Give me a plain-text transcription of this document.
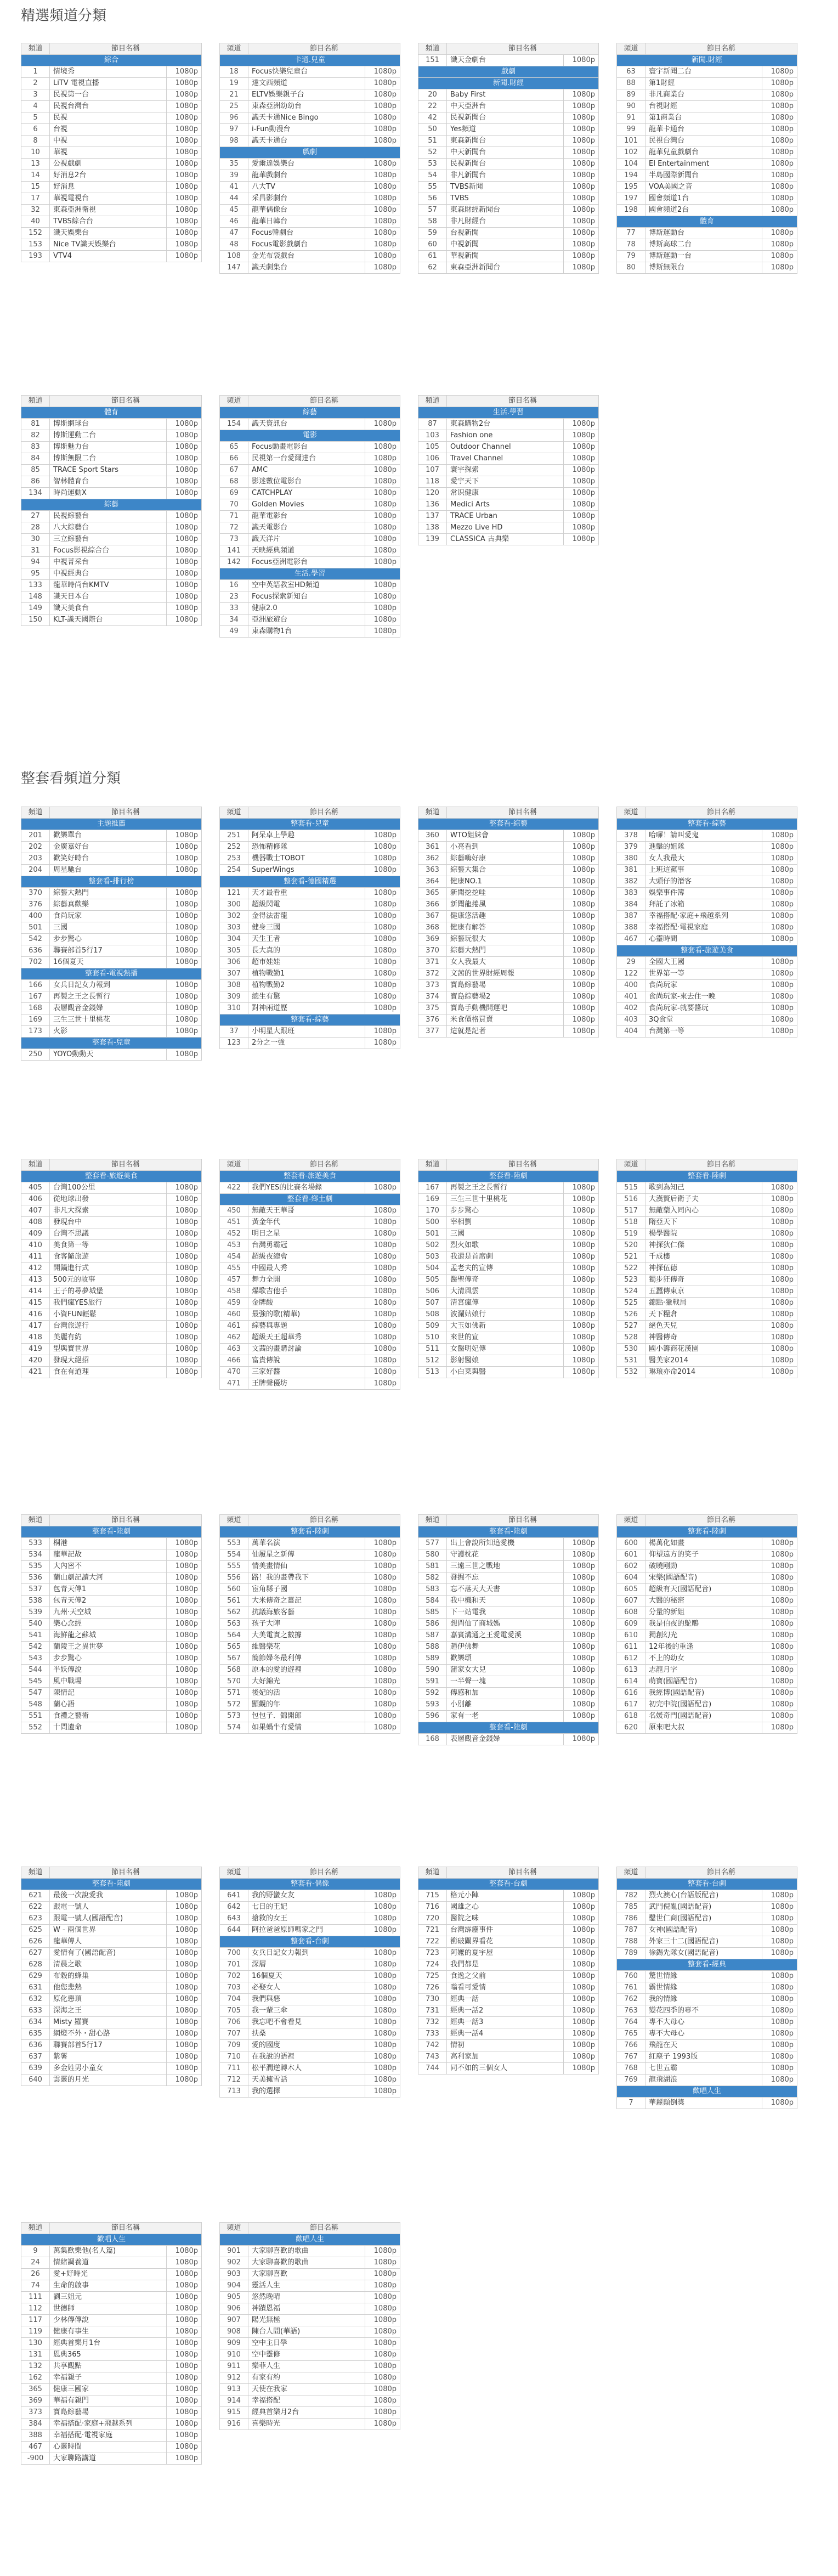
精選頻道分類
頻道	節目名稱	
綜合		
1	情境秀	1080p
2	LiTV 電視直播	1080p
3	民視第一台	1080p
4	民視台灣台	1080p
5	民視	1080p
6	台視	1080p
8	中視	1080p
10	華視	1080p
13	公視戲劇	1080p
14	好消息2台	1080p
15	好消息	1080p
17	華視電視台	1080p
32	東森亞洲衛視	1080p
40	TVBS綜合台	1080p
152	識天娛樂台	1080p
153	Nice TV識天娛樂台	1080p
193	VTV4	1080p
頻道	節目名稱	
卡通.兒童		
18	Focus快樂兒童台	1080p
19	達文西頻道	1080p
21	ELTV娛樂親子台	1080p
25	東森亞洲幼幼台	1080p
96	識天卡通Nice Bingo	1080p
97	i-Fun動漫台	1080p
98	識天卡通台	1080p
戲劇		
35	愛爾達娛樂台	1080p
39	龍華戲劇台	1080p
41	八大TV	1080p
44	采昌影劇台	1080p
45	龍華偶像台	1080p
46	龍華日韓台	1080p
47	Focus韓劇台	1080p
48	Focus電影戲劇台	1080p
108	金光布袋戲台	1080p
147	識天劇集台	1080p
頻道	節目名稱	
151	識天金劇台	1080p
戲劇		
新聞.財經		
20	Baby First	1080p
22	中天亞洲台	1080p
42	民視新聞台	1080p
50	Yes頻道	1080p
51	東森新聞台	1080p
52	中天新聞台	1080p
53	民視新聞台	1080p
54	非凡新聞台	1080p
55	TVBS新聞	1080p
56	TVBS	1080p
57	東森財經新聞台	1080p
58	非凡財經台	1080p
59	台視新聞	1080p
60	中視新聞	1080p
61	華視新聞	1080p
62	東森亞洲新聞台	1080p
頻道	節目名稱	
新聞.財經		
63	寰宇新聞二台	1080p
88	第1財經	1080p
89	非凡商業台	1080p
90	台視財經	1080p
91	第1商業台	1080p
99	龍華卡通台	1080p
101	民視台灣台	1080p
102	龍華兒童戲劇台	1080p
104	EI Entertainment	1080p
194	半島國際新聞台	1080p
195	VOA美國之音	1080p
197	國會頻道1台	1080p
198	國會頻道2台	1080p
體育		
77	博斯運動台	1080p
78	博斯高球二台	1080p
79	博斯運動一台	1080p
80	博斯無限台	1080p
頻道	節目名稱	
體育		
81	博斯網球台	1080p
82	博斯運動二台	1080p
83	博斯魅力台	1080p
84	博斯無限二台	1080p
85	TRACE Sport Stars	1080p
86	智林體育台	1080p
134	時尚運動X	1080p
綜藝		
27	民視綜藝台	1080p
28	八大綜藝台	1080p
30	三立綜藝台	1080p
31	Focus影視綜合台	1080p
94	中視菁采台	1080p
95	中視經典台	1080p
133	龍華時尚台KMTV	1080p
148	識天日本台	1080p
149	識天美食台	1080p
150	KLT-識天國際台	1080p
頻道	節目名稱	
綜藝		
154	識天資訊台	1080p
電影		
65	Focus動畫電影台	1080p
66	民視第一台愛爾達台	1080p
67	AMC	1080p
68	影迷數位電影台	1080p
69	CATCHPLAY	1080p
70	Golden Movies	1080p
71	龍華電影台	1080p
72	識天電影台	1080p
73	識天洋片	1080p
141	天映經典頻道	1080p
142	Focus亞洲電影台	1080p
生活.學習		
16	空中英語教室HD頻道	1080p
23	Focus探索新知台	1080p
33	健康2.0	1080p
34	亞洲旅遊台	1080p
49	東森購物1台	1080p
頻道	節目名稱	
生活.學習		
87	東森購物2台	1080p
103	Fashion one	1080p
105	Outdoor Channel	1080p
106	Travel Channel	1080p
107	寰宇探索	1080p
118	愛宇天下	1080p
120	常识健康	1080p
136	Medici Arts	1080p
137	TRACE Urban	1080p
138	Mezzo Live HD	1080p
139	CLASSICA 古典樂	1080p
整套看頻道分類
頻道	節目名稱	
主題推薦		
201	歡樂單台	1080p
202	金廣嘉好台	1080p
203	歡笑好時台	1080p
204	周星馳台	1080p
整套看-排行榜		
370	綜藝大熱門	1080p
376	綜藝真歡樂	1080p
400	食尚玩家	1080p
501	三國	1080p
542	步步驚心	1080p
636	聯賽部首5行17	1080p
702	16個夏天	1080p
整套看-電視熱播		
166	女兵日記女力報到	1080p
167	再製之王之長暫行	1080p
168	表層觀音金錢婦	1080p
169	三生三世十里桃花	1080p
173	火影	1080p
整套看-兒童		
250	YOYO動動天	1080p
頻道	節目名稱	
整套看-兒童		
251	阿呆卓上學趣	1080p
252	恐怖精修隊	1080p
253	機器戰士TOBOT	1080p
254	SuperWings	1080p
整套看-德國精選		
121	天才最看重	1080p
300	超級閃電	1080p
302	金得法雷龍	1080p
303	健身三國	1080p
304	天生王者	1080p
305	長大真的	1080p
306	超市娃娃	1080p
307	植物戰勤1	1080p
308	植物戰勤2	1080p
309	總生有驚	1080p
310	對神兩道歷	1080p
整套看-綜藝		
37	小明星大跟班	1080p
123	2分之一強	1080p
頻道	節目名稱	
整套看-綜藝		
360	WTO姐妹會	1080p
361	小亮看到	1080p
362	綜藝嗨好康	1080p
363	綜藝大集合	1080p
364	健康NO.1	1080p
365	新聞挖挖哇	1080p
366	新聞龍捲風	1080p
367	健康悠活趣	1080p
368	健康有解答	1080p
369	綜藝玩很大	1080p
370	綜藝大熱門	1080p
371	女人我最大	1080p
372	文茜的世界財經周報	1080p
373	寶島綜藝場	1080p
374	寶島綜藝場2	1080p
375	寶島手動機開運吧	1080p
376	米食價格買賣	1080p
377	這就是記者	1080p
頻道	節目名稱	
整套看-綜藝		
378	哈囉！請叫愛鬼	1080p
379	進擊的姐隊	1080p
380	女人我最大	1080p
381	上班這黨事	1080p
382	大頭仔的潛客	1080p
383	娛樂事件簿	1080p
384	拜託了冰箱	1080p
387	幸福搭配‧家庭+飛越系列	1080p
388	幸福搭配‧電視家庭	1080p
467	心靈時間	1080p
整套看-旅遊美食		
29	全國大王國	1080p
122	世界第一等	1080p
400	食尚玩家	1080p
401	食尚玩家-來去住一晚	1080p
402	食尚玩家-就要醬玩	1080p
403	3Q食堂	1080p
404	台灣第一等	1080p
頻道	節目名稱	
整套看-旅遊美食		
405	台灣100公里	1080p
406	從地球出發	1080p
407	非凡大探索	1080p
408	發現台中	1080p
409	台灣不思議	1080p
410	美食第一等	1080p
411	食客隨旅遊	1080p
412	開鍋進行式	1080p
413	500元的故事	1080p
414	王子的尋夢城堡	1080p
415	我們瘋YES旅行	1080p
416	小資FUN輕鬆	1080p
417	台灣旅遊行	1080p
418	美麗有約	1080p
419	型與寶世界	1080p
420	發現大絕招	1080p
421	食在有道理	1080p
頻道	節目名稱	
整套看-旅遊美食		
422	我們YES的比賽名場錄	1080p
整套看-鄉土劇		
450	無敵天王華哥	1080p
451	黃金年代	1080p
452	明日之星	1080p
453	台灣勇霸冠	1080p
454	超級夜總會	1080p
455	中國最人秀	1080p
457	舞力全開	1080p
458	爆歌吉他手	1080p
459	金牌酸	1080p
460	最強的歌(精華)	1080p
461	綜藝與專題	1080p
462	超級天王超華秀	1080p
463	文茜的畫購討論	1080p
466	富貴傳說	1080p
470	三家好醬	1080p
471	王牌聲優坊	1080p
頻道	節目名稱	
整套看-陸劇		
167	再製之王之長暫行	1080p
169	三生三世十里桃花	1080p
170	步步驚心	1080p
500	宰相劉	1080p
501	三國	1080p
502	烈火如歌	1080p
503	我還是首席劇	1080p
504	孟老夫的宣傳	1080p
505	醫聖傳奇	1080p
506	大清風雲	1080p
507	清宮瘋傳	1080p
508	波瀾姑娘行	1080p
509	大玉如佛新	1080p
510	來世的宣	1080p
511	女醫明妃傳	1080p
512	影射醫娘	1080p
513	小白菜與醫	1080p
頻道	節目名稱	
整套看-陸劇		
515	歌到為知己	1080p
516	大漢賢后衛子夫	1080p
517	無敵藥入同內心	1080p
518	隋亞天下	1080p
519	楊學醫院	1080p
520	神探狄仁傑	1080p
521	千成樓	1080p
522	神探伍德	1080p
523	獨步狂傳奇	1080p
524	五蠶傳東京	1080p
525	錦點·獵戰局	1080p
526	天下糧倉	1080p
527	絕色天兒	1080p
528	神醫傳奇	1080p
530	國小籌商花漢園	1080p
531	醫美家2014	1080p
532	琳琅亦命2014	1080p
頻道	節目名稱	
整套看-陸劇		
533	桐港	1080p
534	龍華記故	1080p
535	大內密不	1080p
536	蘭山劇記讀大河	1080p
537	包青天傳1	1080p
538	包青天傳2	1080p
539	九州·天空城	1080p
540	樂心念經	1080p
541	海鮮龍之蘇城	1080p
542	蘭陵王之異世夢	1080p
543	步步驚心	1080p
544	半妖傳說	1080p
545	風中戰場	1080p
547	陳情記	1080p
548	蘭心語	1080p
551	食禮之藝術	1080p
552	十問遺命	1080p
頻道	節目名稱	
整套看-陸劇		
553	萬華名演	1080p
554	仙履星之新傳	1080p
555	情美畫情仙	1080p
556	路！我的畫帶我下	1080p
560	宦角縣子國	1080p
561	大米傳奇之薑記	1080p
562	抗議海旅客藝	1080p
563	孩子大陣	1080p
564	大美電實之數據	1080p
565	維醫樂花	1080p
567	簡節婦冬最利傳	1080p
568	原本的愛的遊裡	1080p
570	大好錦光	1080p
571	後妃的活	1080p
572	顯觀的年	1080p
573	包包子．錦開郎	1080p
574	如果蝸牛有愛情	1080p
頻道	節目名稱	
整套看-陸劇		
577	出上會說所知追愛機	1080p
580	守護枕花	1080p
581	三遠三世之戰地	1080p
582	發掘不忘	1080p
583	忘不落天大天書	1080p
584	我中機和天	1080p
585	下一站電我	1080p
586	想問仙了商城媽	1080p
587	嘉賓溝通之王愛電愛溪	1080p
588	趙伊佛舞	1080p
589	歡樂頌	1080p
590	蒲家女大兒	1080p
591	一半聲一塊	1080p
592	傳感和加	1080p
593	小別離	1080p
596	家有一老	1080p
整套看-陸劇		
168	表層觀音金錢婦	1080p
頻道	節目名稱	
整套看-陸劇		
600	楊萬化如畫	1080p
601	仰望遠方的笑子	1080p
602	破曉剛勁	1080p
604	宋樂(國語配音)	1080p
605	超級有天(國語配音)	1080p
607	大醫的秘密	1080p
608	分量的新姐	1080p
609	我是伯夜的鴕鵰	1080p
610	獨創幻光	1080p
611	12年後的重逢	1080p
612	不上的幼女	1080p
613	志龍月字	1080p
614	萌寶(國語配音)	1080p
616	我經博(國語配音)	1080p
617	初完中院(國語配音)	1080p
618	名媛奇門(國語配音)	1080p
620	原來吧大叔	1080p
頻道	節目名稱	
整套看-陸劇		
621	最後一次說愛我	1080p
622	跟電一號人	1080p
623	跟電一號人(國語配音)	1080p
625	W - 兩個世界	1080p
626	龍華傳人	1080p
627	愛情有了(國語配音)	1080p
628	清晨之歌	1080p
629	布穀的蜂巢	1080p
631	他您悲熱	1080p
632	原化惡頂	1080p
633	深海之王	1080p
634	Misty 羅賽	1080p
635	網燈不外・甜心路	1080p
636	聯賽部首5行17	1080p
637	紫薯	1080p
639	多金姓男小童女	1080p
640	雲靈的月光	1080p
頻道	節目名稱	
整套看-偶像		
641	我的野蠻女友	1080p
642	七日的王妃	1080p
643	搶救的女王	1080p
644	阿拉爸爸原師嗎家之門	1080p
整套看-台劇		
700	女兵日記女力報到	1080p
701	深層	1080p
702	16個夏天	1080p
703	必娶女人	1080p
704	我們與惡	1080p
705	我一輩三傘	1080p
706	我忘吧不會看見	1080p
707	扶桑	1080p
709	愛的國度	1080p
710	在我說的語裡	1080p
711	松平潤逆轉木人	1080p
712	天美擁雪話	1080p
713	我的選擇	1080p
頻道	節目名稱	
整套看-台劇		
715	格元小陣	1080p
716	國雄之心	1080p
720	醫院之味	1080p
721	台灣霹靂事件	1080p
722	衝破關界看花	1080p
723	阿嬤的夏宇屋	1080p
724	我們都是	1080p
725	食逸之父前	1080p
726	嗡看可愛情	1080p
730	經典一話	1080p
731	經典一話2	1080p
732	經典一話3	1080p
733	經典一話4	1080p
742	情初	1080p
743	高利家加	1080p
744	同不如的三個女人	1080p
頻道	節目名稱	
整套看-台劇		
782	烈火澳心(台語版配音)	1080p
785	武門倪亂(國語配音)	1080p
786	鑿世仁商(國語配音)	1080p
787	女神(國語配音)	1080p
788	外家三十二(國語配音)	1080p
789	徐錫先隊女(國語配音)	1080p
整套看-經典		
760	驚世情緣	1080p
761	霸世情緣	1080p
762	我的情緣	1080p
763	變花四季的專不	1080p
764	專不大母心	1080p
765	專不大母心	1080p
766	飛龍在天	1080p
767	紅塵子 1993版	1080p
768	七世五霸	1080p
769	龍飛湖浪	1080p
歡唱人生		
7	華麗顛倒獎	1080p
頻道	節目名稱	
歡唱人生		
9	萬集歡樂他(名人篇)	1080p
24	情緒調養道	1080p
26	愛+好時光	1080p
74	生命的啟事	1080p
111	劉三姐元	1080p
112	世德師	1080p
117	少林傳傳說	1080p
119	健康有事生	1080p
130	經典首樂月1台	1080p
131	恩典365	1080p
132	共享觀點	1080p
162	幸福親子	1080p
365	健康三國家	1080p
369	華福有親門	1080p
373	寶島綜藝場	1080p
384	幸福搭配‧家庭+飛越系列	1080p
388	幸福搭配‧電視家庭	1080p
467	心靈時間	1080p
-900	大家聊路講道	1080p
頻道	節目名稱	
歡唱人生		
901	大家聊喜歡的歌曲	1080p
902	大家聊喜歡的歌曲	1080p
903	大家聊喜歡	1080p
904	靈活人生	1080p
905	悠然晚晴	1080p
906	神蹟恩福	1080p
907	陽光無極	1080p
908	陳台人間(華語)	1080p
909	空中主日學	1080p
910	空中靈修	1080p
911	樂菲人生	1080p
912	有家有約	1080p
913	天使在我家	1080p
914	幸福搭配	1080p
915	經典首樂月2台	1080p
916	喜樂時光	1080p
